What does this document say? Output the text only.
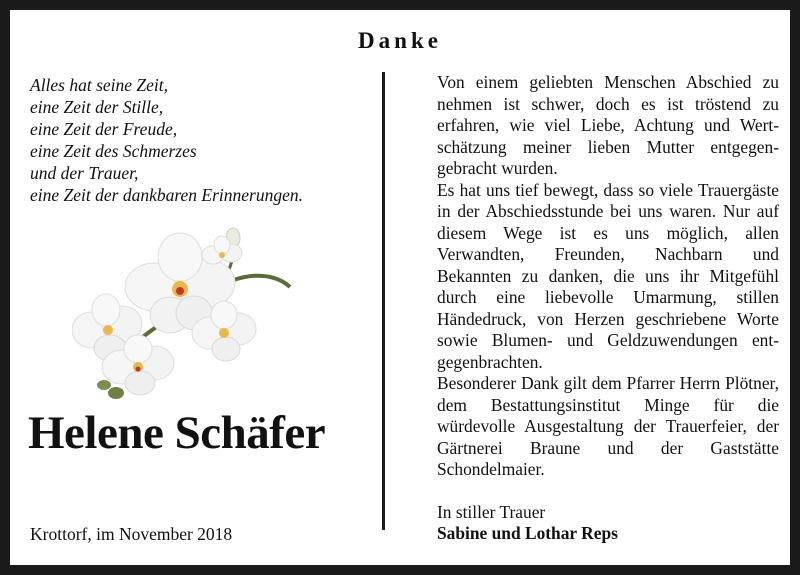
Danke
Alles hat seine Zeit,
eine Zeit der Stille,
eine Zeit der Freude,
eine Zeit des Schmerzes
und der Trauer,
eine Zeit der dankbaren Erinnerungen.
Helene Schäfer
Krottorf, im November 2018

Von einem geliebten Menschen Abschied zu nehmen ist schwer, doch es ist tröstend zu erfahren, wie viel Liebe, Achtung und Wertschätzung meiner lieben Mutter entgegengebracht wurden.

Es hat uns tief bewegt, dass so viele Trauergäste in der Abschiedsstunde bei uns waren. Nur auf diesem Wege ist es uns möglich, allen Verwandten, Freunden, Nachbarn und Bekannten zu danken, die uns ihr Mitgefühl durch eine liebevolle Umarmung, stillen Händedruck, von Herzen geschriebene Worte sowie Blumen- und Geldzuwendungen entgegenbrachten.

Besonderer Dank gilt dem Pfarrer Herrn Plötner, dem Bestattungsinstitut Minge für die würdevolle Ausgestaltung der Trauerfeier, der Gärtnerei Braune und der Gaststätte Schondelmaier.

In stiller Trauer
Sabine und Lothar Reps
